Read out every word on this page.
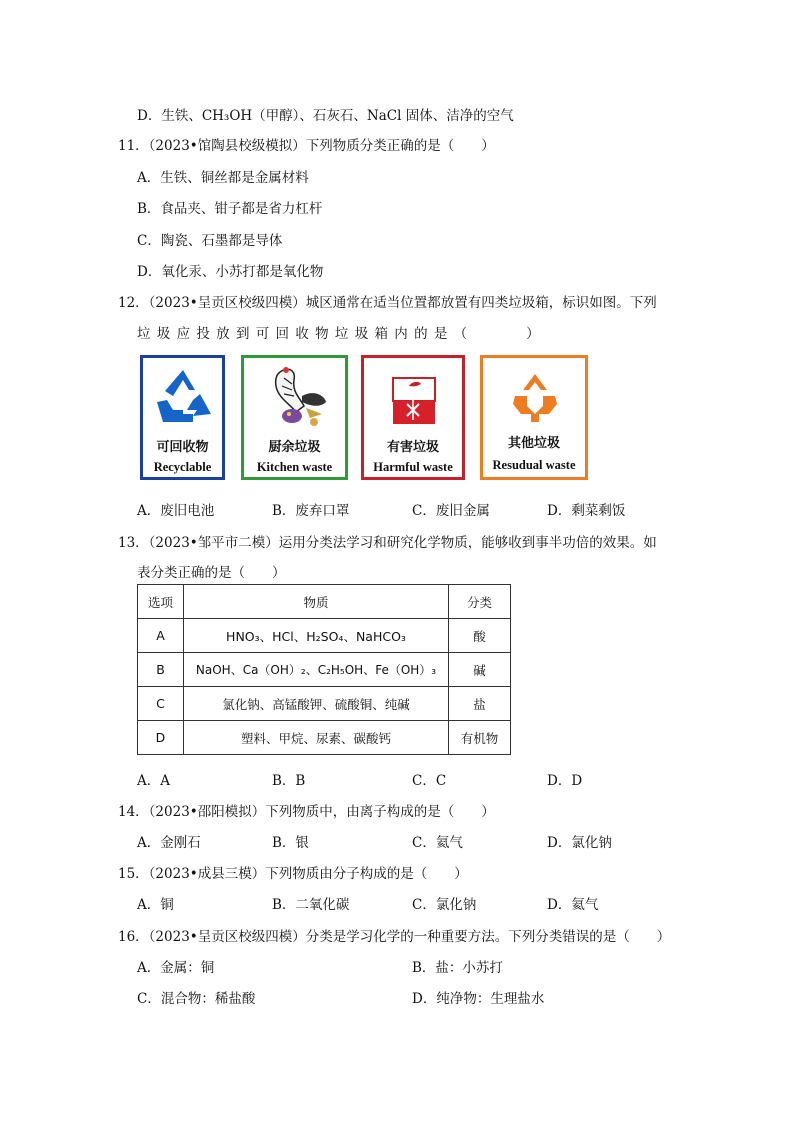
D．生铁、CH₃OH（甲醇）、石灰石、NaCl 固体、洁净的空气
11．（2023•馆陶县校级模拟）下列物质分类正确的是（　　）
A．生铁、铜丝都是金属材料
B．食品夹、钳子都是省力杠杆
C．陶瓷、石墨都是导体
D．氧化汞、小苏打都是氧化物
12．（2023•呈贡区校级四模）城区通常在适当位置都放置有四类垃圾箱，标识如图。下列
垃 圾 应 投 放 到 可 回 收 物 垃 圾 箱 内 的 是 （　　　　）
可回收物
Recyclable
厨余垃圾
Kitchen waste
有害垃圾
Harmful waste
其他垃圾
Resudual waste
A．废旧电池	B．废弃口罩	C．废旧金属	D．剩菜剩饭
13．（2023•邹平市二模）运用分类法学习和研究化学物质，能够收到事半功倍的效果。如
表分类正确的是（　　）
选项	物质	分类
A	HNO₃、HCl、H₂SO₄、NaHCO₃	酸
B	NaOH、Ca（OH）₂、C₂H₅OH、Fe（OH）₃	碱
C	氯化钠、高锰酸钾、硫酸铜、纯碱	盐
D	塑料、甲烷、尿素、碳酸钙	有机物
A．A	B．B	C．C	D．D
14．（2023•邵阳模拟）下列物质中，由离子构成的是（　　）
A．金刚石	B．银	C．氦气	D．氯化钠
15．（2023•成县三模）下列物质由分子构成的是（　　）
A．铜	B．二氧化碳	C．氯化钠	D．氦气
16．（2023•呈贡区校级四模）分类是学习化学的一种重要方法。下列分类错误的是（　　）
A．金属：铜	B．盐：小苏打
C．混合物：稀盐酸	D．纯净物：生理盐水
